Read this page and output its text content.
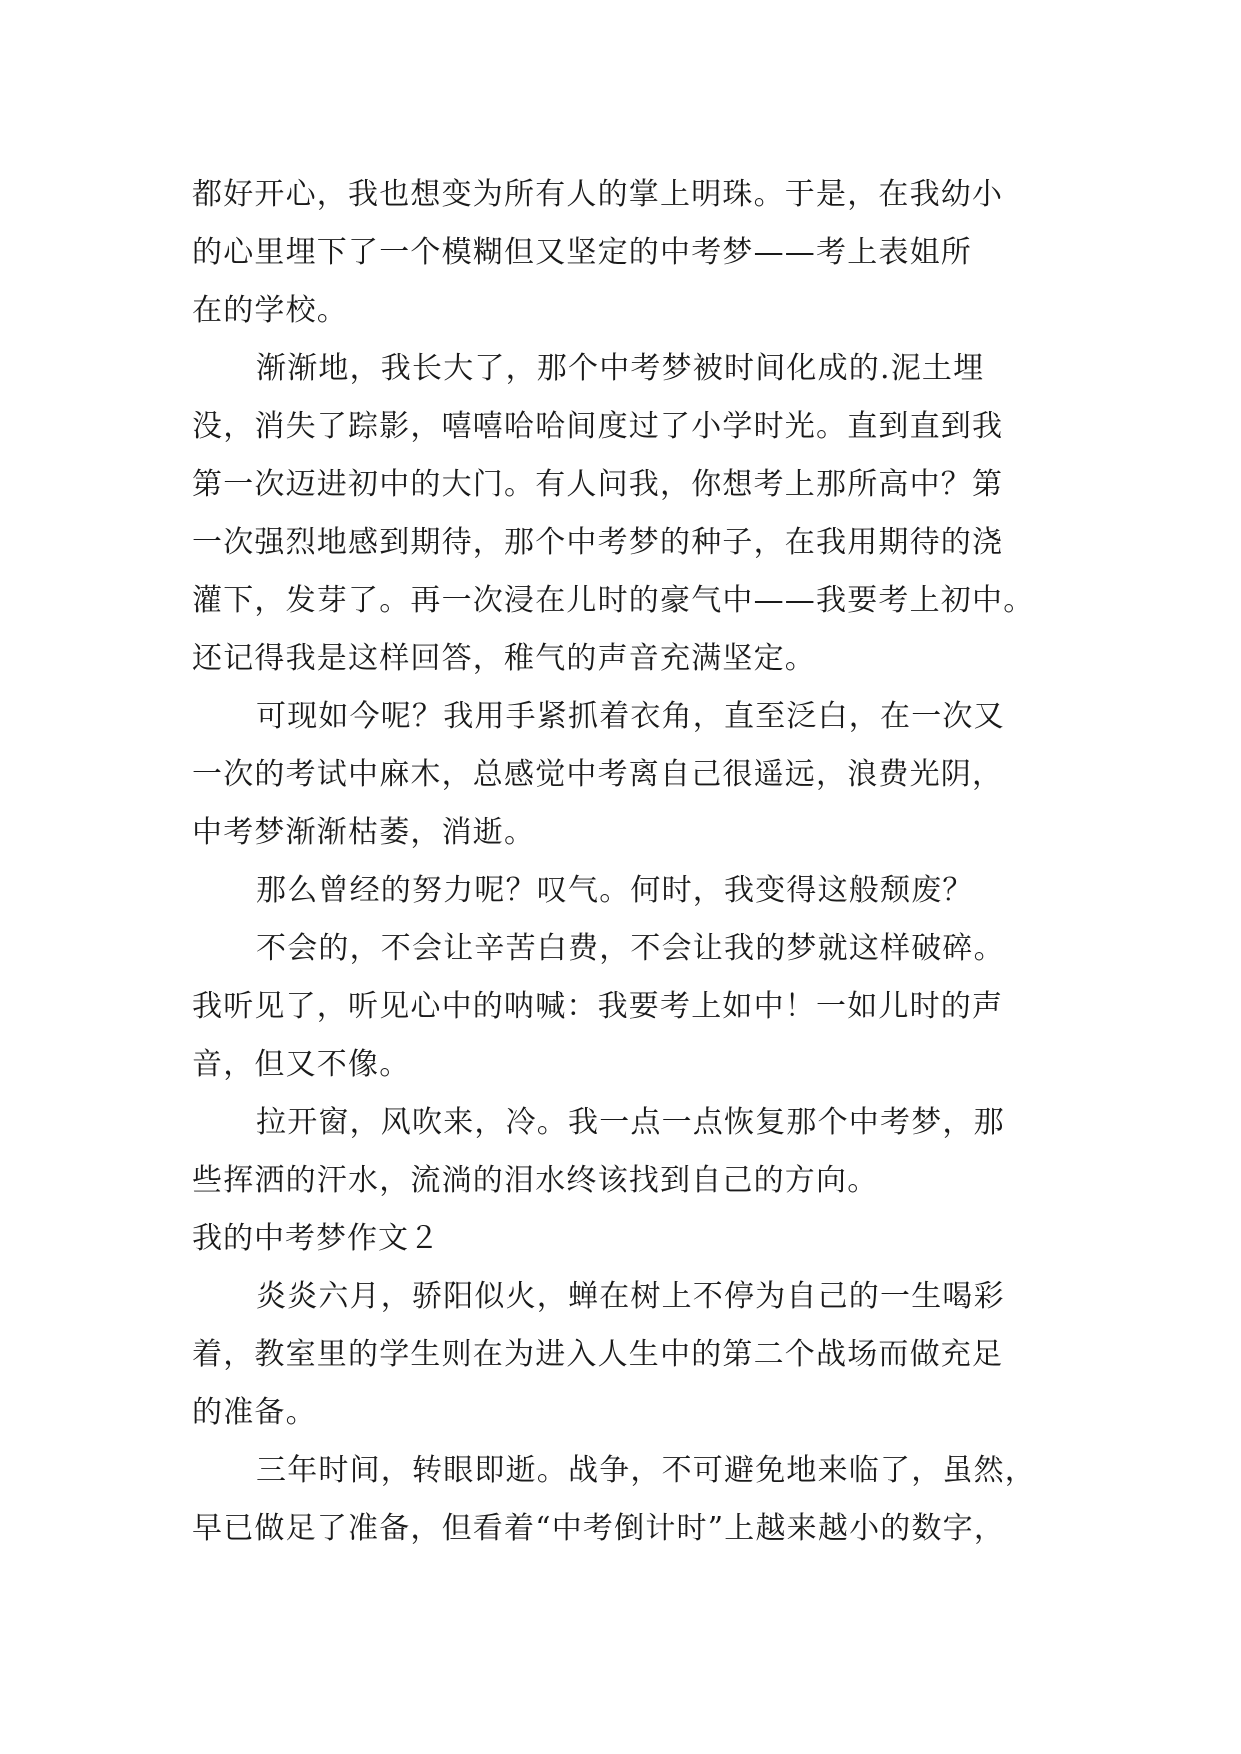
都好开心，我也想变为所有人的掌上明珠。于是，在我幼小
的心里埋下了一个模糊但又坚定的中考梦——考上表姐所
在的学校。
渐渐地，我长大了，那个中考梦被时间化成的.泥土埋
没，消失了踪影，嘻嘻哈哈间度过了小学时光。直到直到我
第一次迈进初中的大门。有人问我，你想考上那所高中？第
一次强烈地感到期待，那个中考梦的种子，在我用期待的浇
灌下，发芽了。再一次浸在儿时的豪气中——我要考上初中。
还记得我是这样回答，稚气的声音充满坚定。
可现如今呢？我用手紧抓着衣角，直至泛白，在一次又
一次的考试中麻木，总感觉中考离自己很遥远，浪费光阴，
中考梦渐渐枯萎，消逝。
那么曾经的努力呢？叹气。何时，我变得这般颓废？
不会的，不会让辛苦白费，不会让我的梦就这样破碎。
我听见了，听见心中的呐喊：我要考上如中！一如儿时的声
音，但又不像。
拉开窗，风吹来，冷。我一点一点恢复那个中考梦，那
些挥洒的汗水，流淌的泪水终该找到自己的方向。
我的中考梦作文２
炎炎六月，骄阳似火，蝉在树上不停为自己的一生喝彩
着，教室里的学生则在为进入人生中的第二个战场而做充足
的准备。
三年时间，转眼即逝。战争，不可避免地来临了，虽然，
早已做足了准备，但看着“中考倒计时”上越来越小的数字，
